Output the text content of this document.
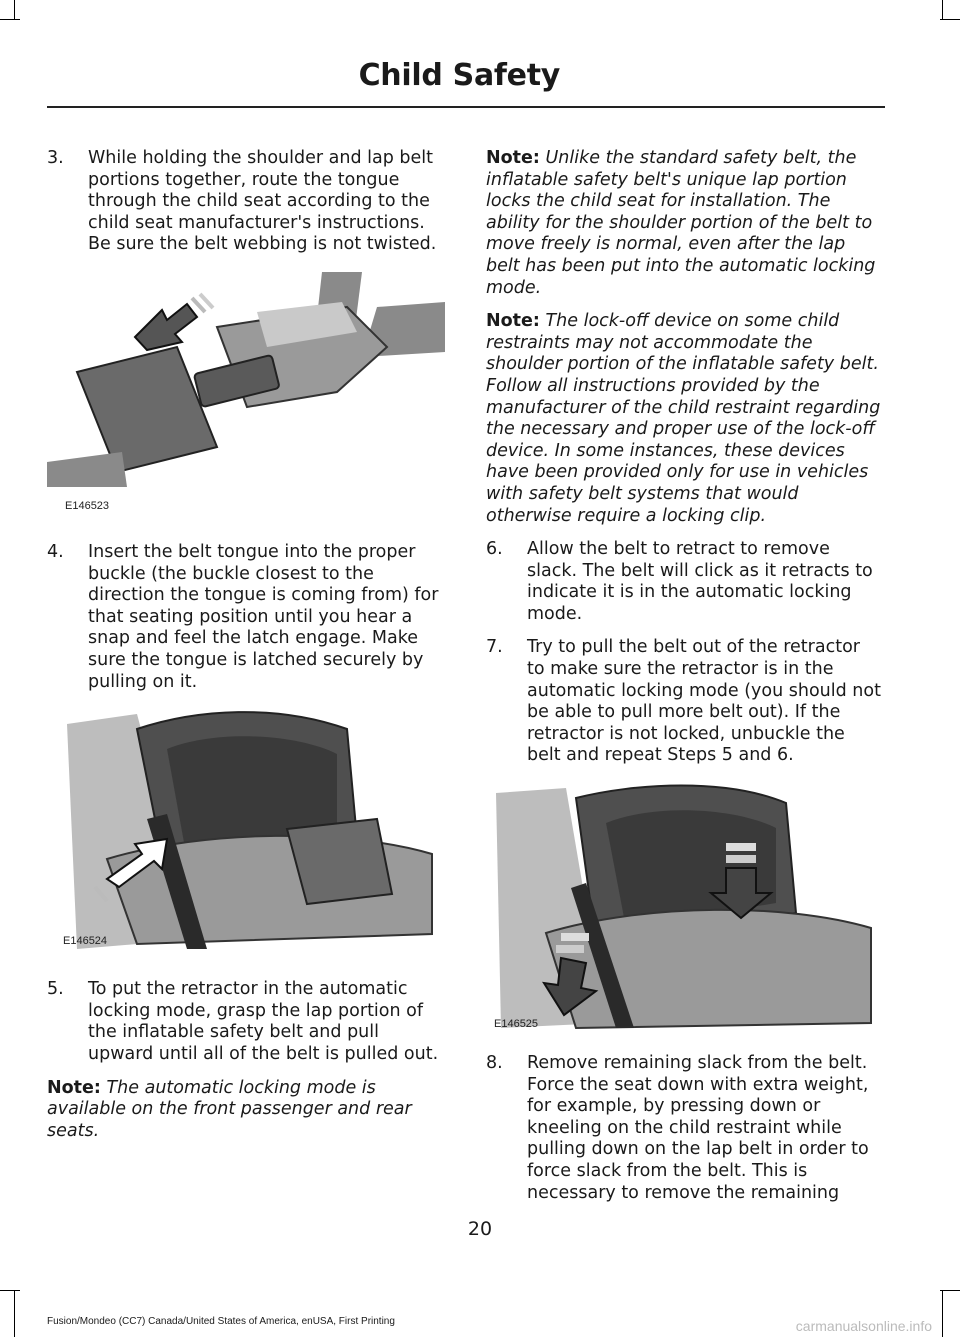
Child Safety
3.	While holding the shoulder and lap belt portions together, route the tongue through the child seat according to the child seat manufacturer's instructions. Be sure the belt webbing is not twisted.
E146523
4.	Insert the belt tongue into the proper buckle (the buckle closest to the direction the tongue is coming from) for that seating position until you hear a snap and feel the latch engage. Make sure the tongue is latched securely by pulling on it.
E146524
5.	To put the retractor in the automatic locking mode, grasp the lap portion of the inflatable safety belt and pull upward until all of the belt is pulled out.
Note: The automatic locking mode is available on the front passenger and rear seats.
Note: Unlike the standard safety belt, the inflatable safety belt's unique lap portion locks the child seat for installation. The ability for the shoulder portion of the belt to move freely is normal, even after the lap belt has been put into the automatic locking mode.
Note: The lock-off device on some child restraints may not accommodate the shoulder portion of the inflatable safety belt. Follow all instructions provided by the manufacturer of the child restraint regarding the necessary and proper use of the lock-off device. In some instances, these devices have been provided only for use in vehicles with safety belt systems that would otherwise require a locking clip.
6.	Allow the belt to retract to remove slack. The belt will click as it retracts to indicate it is in the automatic locking mode.
7.	Try to pull the belt out of the retractor to make sure the retractor is in the automatic locking mode (you should not be able to pull more belt out). If the retractor is not locked, unbuckle the belt and repeat Steps 5 and 6.
E146525
8.	Remove remaining slack from the belt. Force the seat down with extra weight, for example, by pressing down or kneeling on the child restraint while pulling down on the lap belt in order to force slack from the belt. This is necessary to remove the remaining
20
Fusion/Mondeo (CC7) Canada/United States of America, enUSA, First Printing	carmanualsonline.info
